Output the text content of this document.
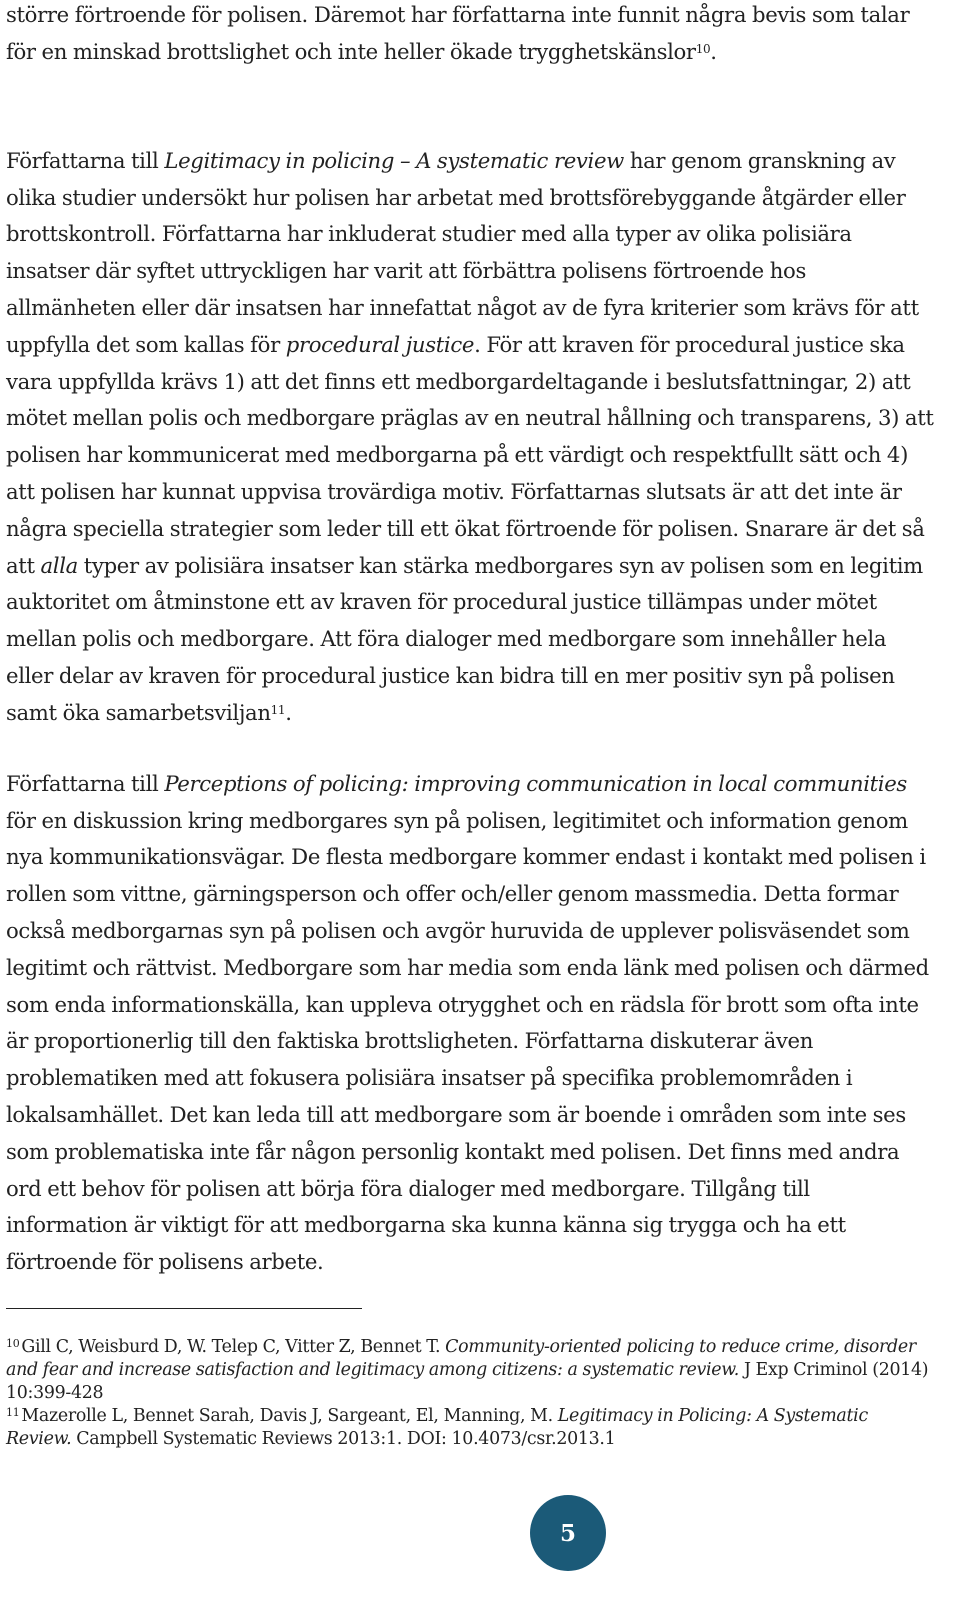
större förtroende för polisen. Däremot har författarna inte funnit några bevis som talar för en minskad brottslighet och inte heller ökade trygghetskänslor$^{10}$.

Författarna till Legitimacy in policing – A systematic review har genom granskning av olika studier undersökt hur polisen har arbetat med brottsförebyggande åtgärder eller brottskontroll. Författarna har inkluderat studier med alla typer av olika polisiära insatser där syftet uttryckligen har varit att förbättra polisens förtroende hos allmänheten eller där insatsen har innefattat något av de fyra kriterier som krävs för att uppfylla det som kallas för procedural justice. För att kraven för procedural justice ska vara uppfyllda krävs 1) att det finns ett medborgardeltagande i beslutsfattningar, 2) att mötet mellan polis och medborgare präglas av en neutral hållning och transparens, 3) att polisen har kommunicerat med medborgarna på ett värdigt och respektfullt sätt och 4) att polisen har kunnat uppvisa trovärdiga motiv. Författarnas slutsats är att det inte är några speciella strategier som leder till ett ökat förtroende för polisen. Snarare är det så att alla typer av polisiära insatser kan stärka medborgares syn av polisen som en legitim auktoritet om åtminstone ett av kraven för procedural justice tillämpas under mötet mellan polis och medborgare. Att föra dialoger med medborgare som innehåller hela eller delar av kraven för procedural justice kan bidra till en mer positiv syn på polisen samt öka samarbetsviljan$^{11}$.

Författarna till Perceptions of policing: improving communication in local communities för en diskussion kring medborgares syn på polisen, legitimitet och information genom nya kommunikationsvägar. De flesta medborgare kommer endast i kontakt med polisen i rollen som vittne, gärningsperson och offer och/eller genom massmedia. Detta formar också medborgarnas syn på polisen och avgör huruvida de upplever polisväsendet som legitimt och rättvist. Medborgare som har media som enda länk med polisen och därmed som enda informationskälla, kan uppleva otrygghet och en rädsla för brott som ofta inte är proportionerlig till den faktiska brottsligheten. Författarna diskuterar även problematiken med att fokusera polisiära insatser på specifika problemområden i lokalsamhället. Det kan leda till att medborgare som är boende i områden som inte ses som problematiska inte får någon personlig kontakt med polisen. Det finns med andra ord ett behov för polisen att börja föra dialoger med medborgare. Tillgång till information är viktigt för att medborgarna ska kunna känna sig trygga och ha ett förtroende för polisens arbete.

$^{10}$ Gill C, Weisburd D, W. Telep C, Vitter Z, Bennet T. Community-oriented policing to reduce crime, disorder and fear and increase satisfaction and legitimacy among citizens: a systematic review. J Exp Criminol (2014) 10:399-428

$^{11}$ Mazerolle L, Bennet Sarah, Davis J, Sargeant, El, Manning, M. Legitimacy in Policing: A Systematic Review. Campbell Systematic Reviews 2013:1. DOI: 10.4073/csr.2013.1

5
